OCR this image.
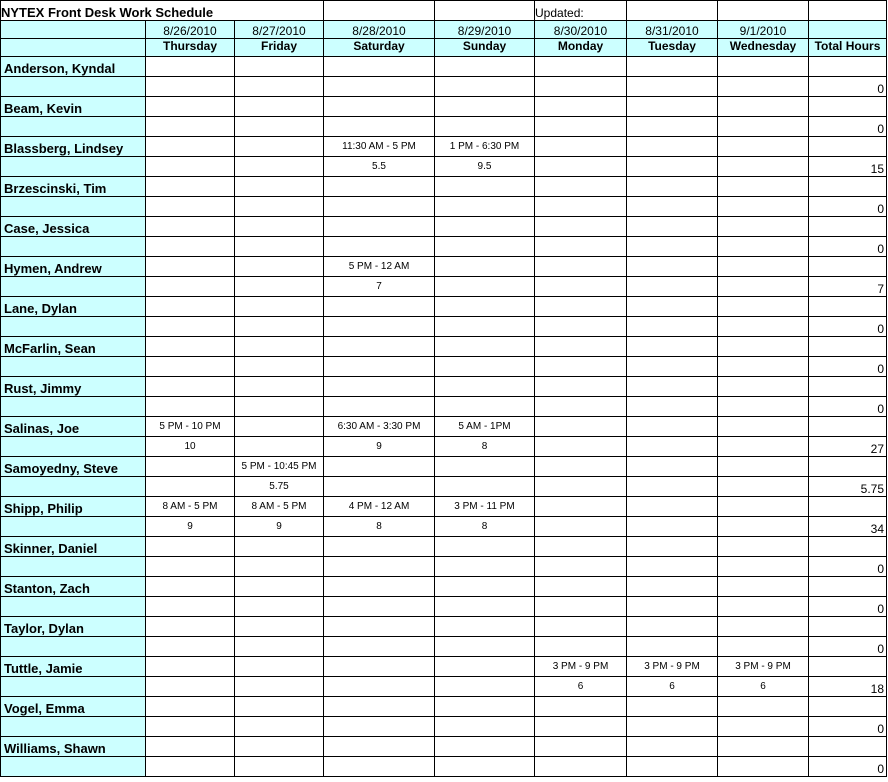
NYTEX Front Desk Work Schedule					Updated:			
	8/26/2010	8/27/2010	8/28/2010	8/29/2010	8/30/2010	8/31/2010	9/1/2010	
	Thursday	Friday	Saturday	Sunday	Monday	Tuesday	Wednesday	Total Hours
Anderson, Kyndal								
								0
Beam, Kevin								
								0
Blassberg, Lindsey			11:30 AM - 5 PM	1 PM - 6:30 PM				
			5.5	9.5				15
Brzescinski, Tim								
								0
Case, Jessica								
								0
Hymen, Andrew			5 PM - 12 AM					
			7					7
Lane, Dylan								
								0
McFarlin, Sean								
								0
Rust, Jimmy								
								0
Salinas, Joe	5 PM - 10 PM		6:30 AM - 3:30 PM	5 AM - 1PM				
	10		9	8				27
Samoyedny, Steve		5 PM - 10:45 PM						
		5.75						5.75
Shipp, Philip	8 AM - 5 PM	8 AM - 5 PM	4 PM - 12 AM	3 PM - 11 PM				
	9	9	8	8				34
Skinner, Daniel								
								0
Stanton, Zach								
								0
Taylor, Dylan								
								0
Tuttle, Jamie					3 PM - 9 PM	3 PM - 9 PM	3 PM - 9 PM	
					6	6	6	18
Vogel, Emma								
								0
Williams, Shawn								
								0
